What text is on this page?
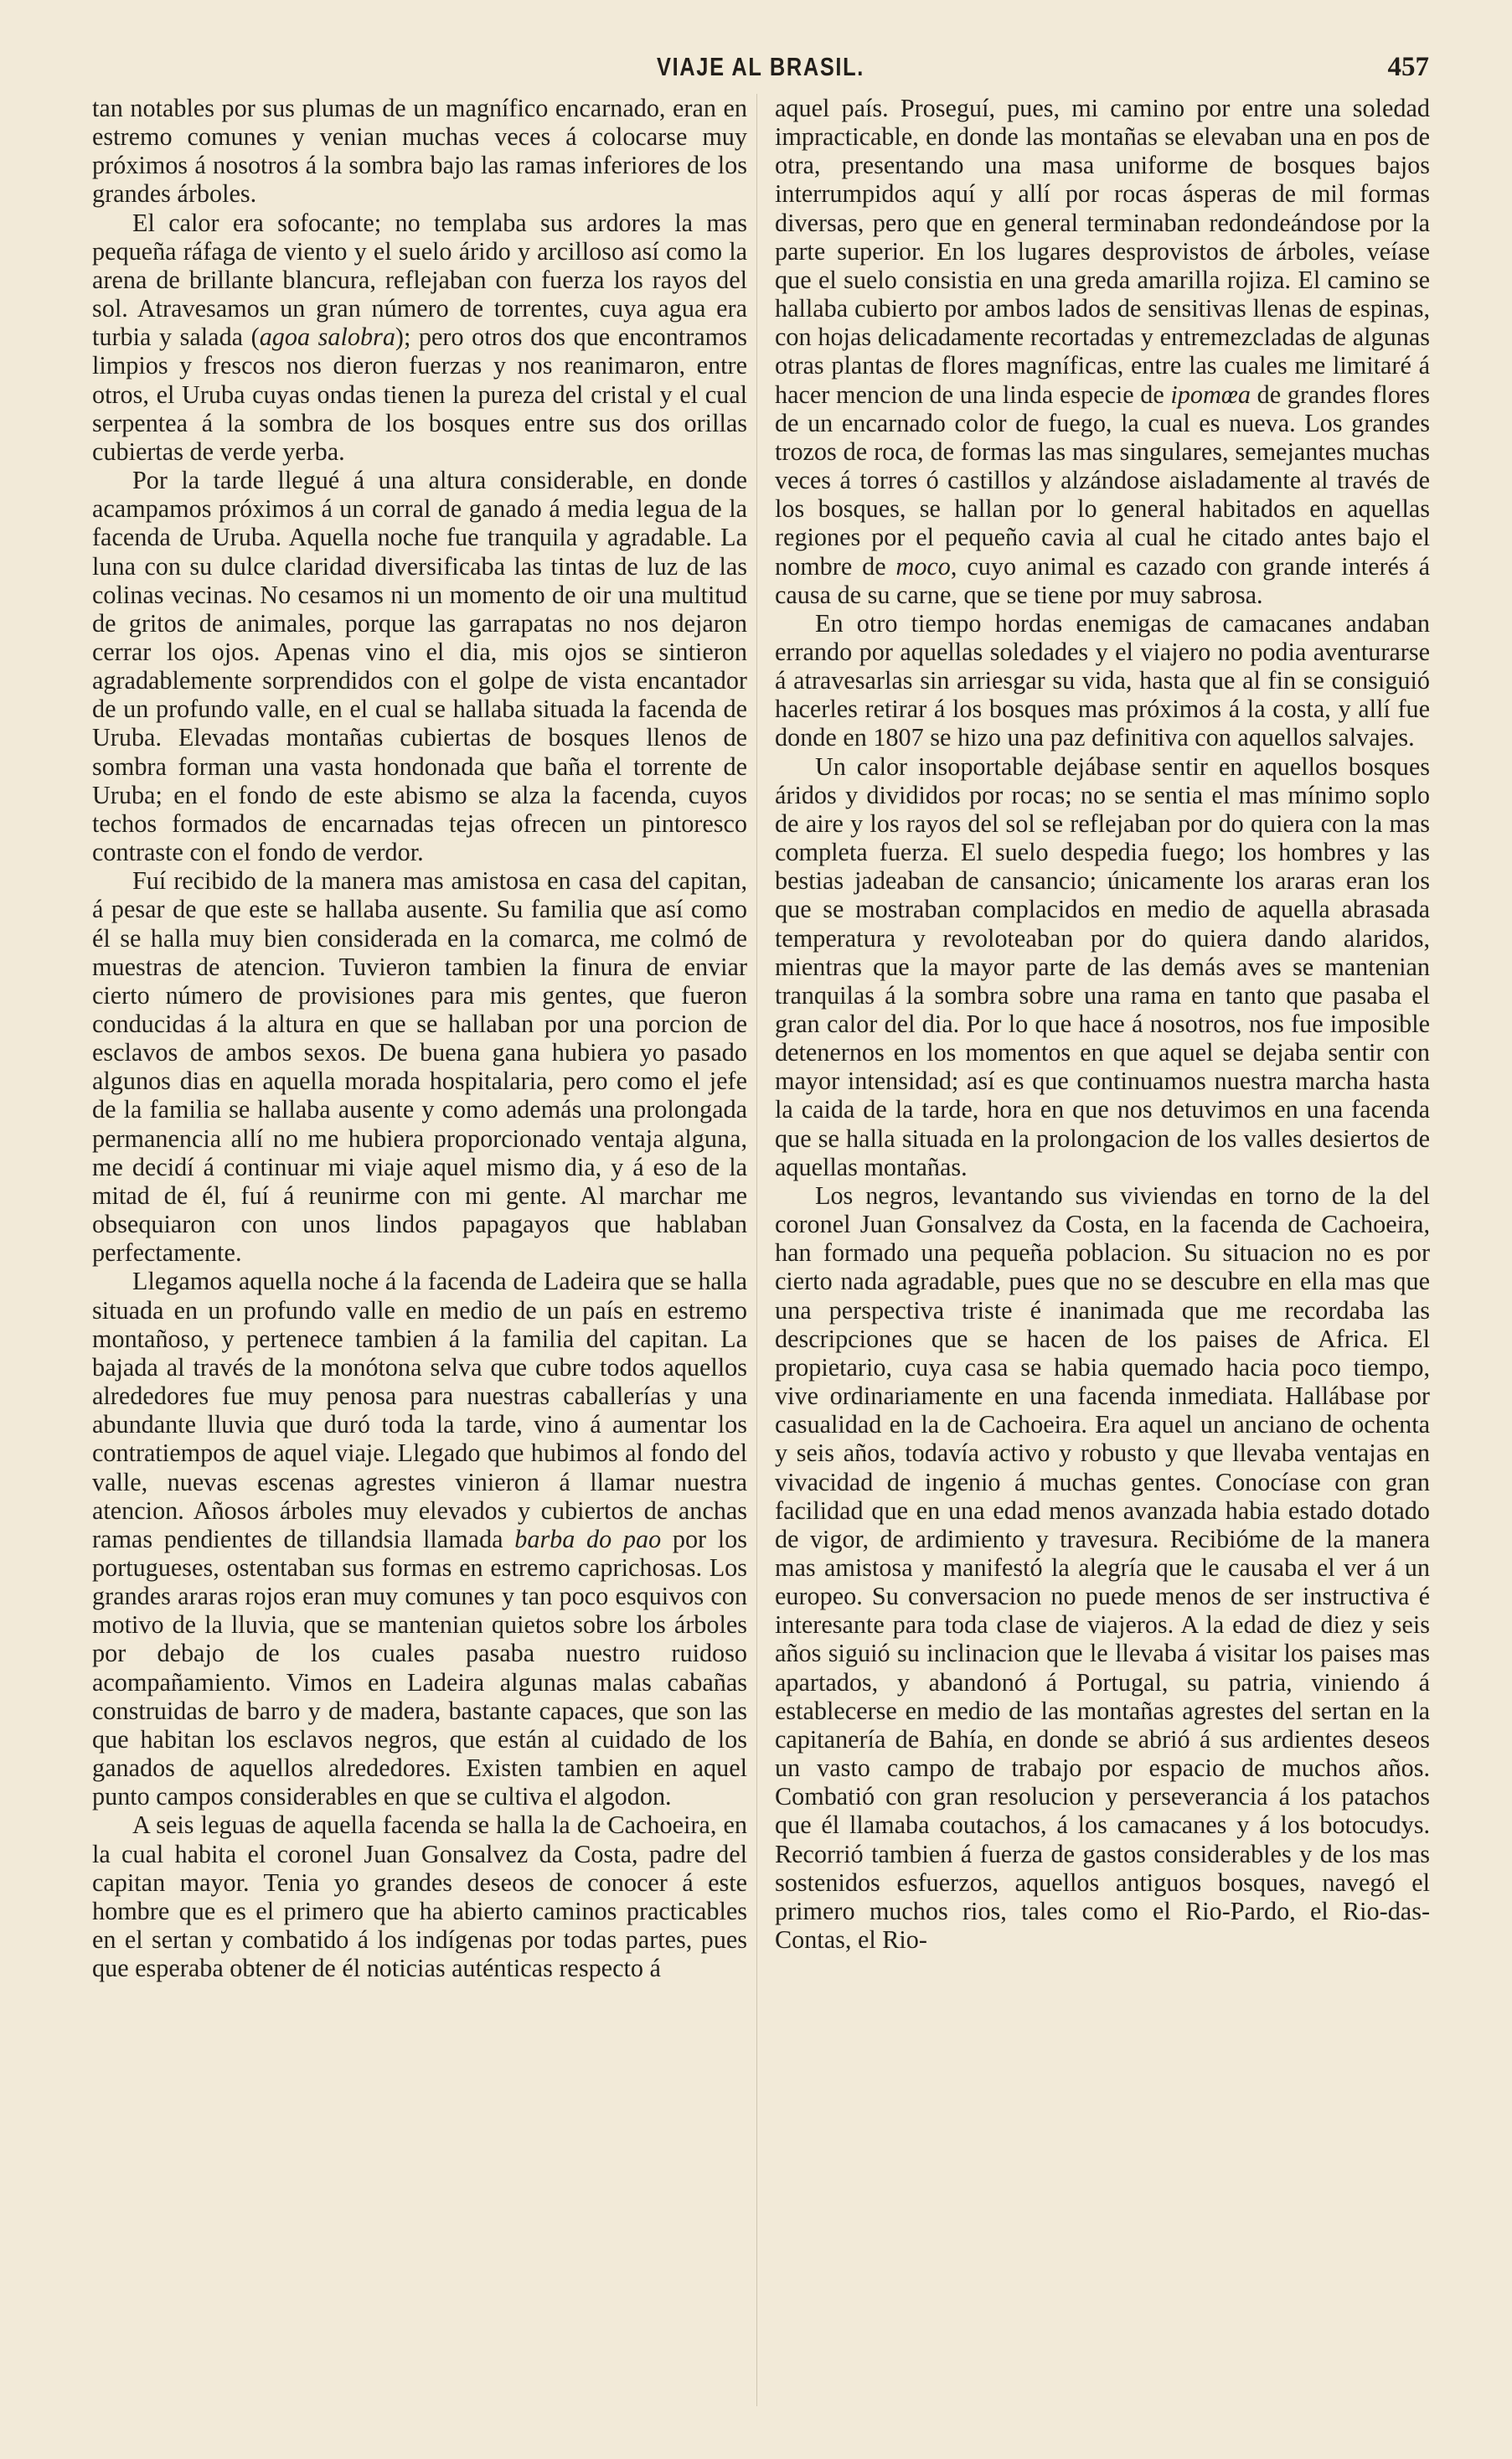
VIAJE AL BRASIL.	457

tan notables por sus plumas de un magnífico encarnado, eran en estremo comunes y venian muchas veces á colocarse muy próximos á nosotros á la sombra bajo las ramas inferiores de los grandes árboles.

El calor era sofocante; no templaba sus ardores la mas pequeña ráfaga de viento y el suelo árido y arcilloso así como la arena de brillante blancura, reflejaban con fuerza los rayos del sol. Atravesamos un gran número de torrentes, cuya agua era turbia y salada (agoa salobra); pero otros dos que encontramos limpios y frescos nos dieron fuerzas y nos reanimaron, entre otros, el Uruba cuyas ondas tienen la pureza del cristal y el cual serpentea á la sombra de los bosques entre sus dos orillas cubiertas de verde yerba.

Por la tarde llegué á una altura considerable, en donde acampamos próximos á un corral de ganado á media legua de la facenda de Uruba. Aquella noche fue tranquila y agradable. La luna con su dulce claridad diversificaba las tintas de luz de las colinas vecinas. No cesamos ni un momento de oir una multitud de gritos de animales, porque las garrapatas no nos dejaron cerrar los ojos. Apenas vino el dia, mis ojos se sintieron agradablemente sorprendidos con el golpe de vista encantador de un profundo valle, en el cual se hallaba situada la facenda de Uruba. Elevadas montañas cubiertas de bosques llenos de sombra forman una vasta hondonada que baña el torrente de Uruba; en el fondo de este abismo se alza la facenda, cuyos techos formados de encarnadas tejas ofrecen un pintoresco contraste con el fondo de verdor.

Fuí recibido de la manera mas amistosa en casa del capitan, á pesar de que este se hallaba ausente. Su familia que así como él se halla muy bien considerada en la comarca, me colmó de muestras de atencion. Tuvieron tambien la finura de enviar cierto número de provisiones para mis gentes, que fueron conducidas á la altura en que se hallaban por una porcion de esclavos de ambos sexos. De buena gana hubiera yo pasado algunos dias en aquella morada hospitalaria, pero como el jefe de la familia se hallaba ausente y como además una prolongada permanencia allí no me hubiera proporcionado ventaja alguna, me decidí á continuar mi viaje aquel mismo dia, y á eso de la mitad de él, fuí á reunirme con mi gente. Al marchar me obsequiaron con unos lindos papagayos que hablaban perfectamente.

Llegamos aquella noche á la facenda de Ladeira que se halla situada en un profundo valle en medio de un país en estremo montañoso, y pertenece tambien á la familia del capitan. La bajada al través de la monótona selva que cubre todos aquellos alrededores fue muy penosa para nuestras caballerías y una abundante lluvia que duró toda la tarde, vino á aumentar los contratiempos de aquel viaje. Llegado que hubimos al fondo del valle, nuevas escenas agrestes vinieron á llamar nuestra atencion. Añosos árboles muy elevados y cubiertos de anchas ramas pendientes de tillandsia llamada barba do pao por los portugueses, ostentaban sus formas en estremo caprichosas. Los grandes araras rojos eran muy comunes y tan poco esquivos con motivo de la lluvia, que se mantenian quietos sobre los árboles por debajo de los cuales pasaba nuestro ruidoso acompañamiento. Vimos en Ladeira algunas malas cabañas construidas de barro y de madera, bastante capaces, que son las que habitan los esclavos negros, que están al cuidado de los ganados de aquellos alrededores. Existen tambien en aquel punto campos considerables en que se cultiva el algodon.

A seis leguas de aquella facenda se halla la de Cachoeira, en la cual habita el coronel Juan Gonsalvez da Costa, padre del capitan mayor. Tenia yo grandes deseos de conocer á este hombre que es el primero que ha abierto caminos practicables en el sertan y combatido á los indígenas por todas partes, pues que esperaba obtener de él noticias auténticas respecto á

aquel país. Proseguí, pues, mi camino por entre una soledad impracticable, en donde las montañas se elevaban una en pos de otra, presentando una masa uniforme de bosques bajos interrumpidos aquí y allí por rocas ásperas de mil formas diversas, pero que en general terminaban redondeándose por la parte superior. En los lugares desprovistos de árboles, veíase que el suelo consistia en una greda amarilla rojiza. El camino se hallaba cubierto por ambos lados de sensitivas llenas de espinas, con hojas delicadamente recortadas y entremezcladas de algunas otras plantas de flores magníficas, entre las cuales me limitaré á hacer mencion de una linda especie de ipomœa de grandes flores de un encarnado color de fuego, la cual es nueva. Los grandes trozos de roca, de formas las mas singulares, semejantes muchas veces á torres ó castillos y alzándose aisladamente al través de los bosques, se hallan por lo general habitados en aquellas regiones por el pequeño cavia al cual he citado antes bajo el nombre de moco, cuyo animal es cazado con grande interés á causa de su carne, que se tiene por muy sabrosa.

En otro tiempo hordas enemigas de camacanes andaban errando por aquellas soledades y el viajero no podia aventurarse á atravesarlas sin arriesgar su vida, hasta que al fin se consiguió hacerles retirar á los bosques mas próximos á la costa, y allí fue donde en 1807 se hizo una paz definitiva con aquellos salvajes.

Un calor insoportable dejábase sentir en aquellos bosques áridos y divididos por rocas; no se sentia el mas mínimo soplo de aire y los rayos del sol se reflejaban por do quiera con la mas completa fuerza. El suelo despedia fuego; los hombres y las bestias jadeaban de cansancio; únicamente los araras eran los que se mostraban complacidos en medio de aquella abrasada temperatura y revoloteaban por do quiera dando alaridos, mientras que la mayor parte de las demás aves se mantenian tranquilas á la sombra sobre una rama en tanto que pasaba el gran calor del dia. Por lo que hace á nosotros, nos fue imposible detenernos en los momentos en que aquel se dejaba sentir con mayor intensidad; así es que continuamos nuestra marcha hasta la caida de la tarde, hora en que nos detuvimos en una facenda que se halla situada en la prolongacion de los valles desiertos de aquellas montañas.

Los negros, levantando sus viviendas en torno de la del coronel Juan Gonsalvez da Costa, en la facenda de Cachoeira, han formado una pequeña poblacion. Su situacion no es por cierto nada agradable, pues que no se descubre en ella mas que una perspectiva triste é inanimada que me recordaba las descripciones que se hacen de los paises de Africa. El propietario, cuya casa se habia quemado hacia poco tiempo, vive ordinariamente en una facenda inmediata. Hallábase por casualidad en la de Cachoeira. Era aquel un anciano de ochenta y seis años, todavía activo y robusto y que llevaba ventajas en vivacidad de ingenio á muchas gentes. Conocíase con gran facilidad que en una edad menos avanzada habia estado dotado de vigor, de ardimiento y travesura. Recibióme de la manera mas amistosa y manifestó la alegría que le causaba el ver á un europeo. Su conversacion no puede menos de ser instructiva é interesante para toda clase de viajeros. A la edad de diez y seis años siguió su inclinacion que le llevaba á visitar los paises mas apartados, y abandonó á Portugal, su patria, viniendo á establecerse en medio de las montañas agrestes del sertan en la capitanería de Bahía, en donde se abrió á sus ardientes deseos un vasto campo de trabajo por espacio de muchos años. Combatió con gran resolucion y perseverancia á los patachos que él llamaba coutachos, á los camacanes y á los botocudys. Recorrió tambien á fuerza de gastos considerables y de los mas sostenidos esfuerzos, aquellos antiguos bosques, navegó el primero muchos rios, tales como el Rio-Pardo, el Rio-das-Contas, el Rio-
